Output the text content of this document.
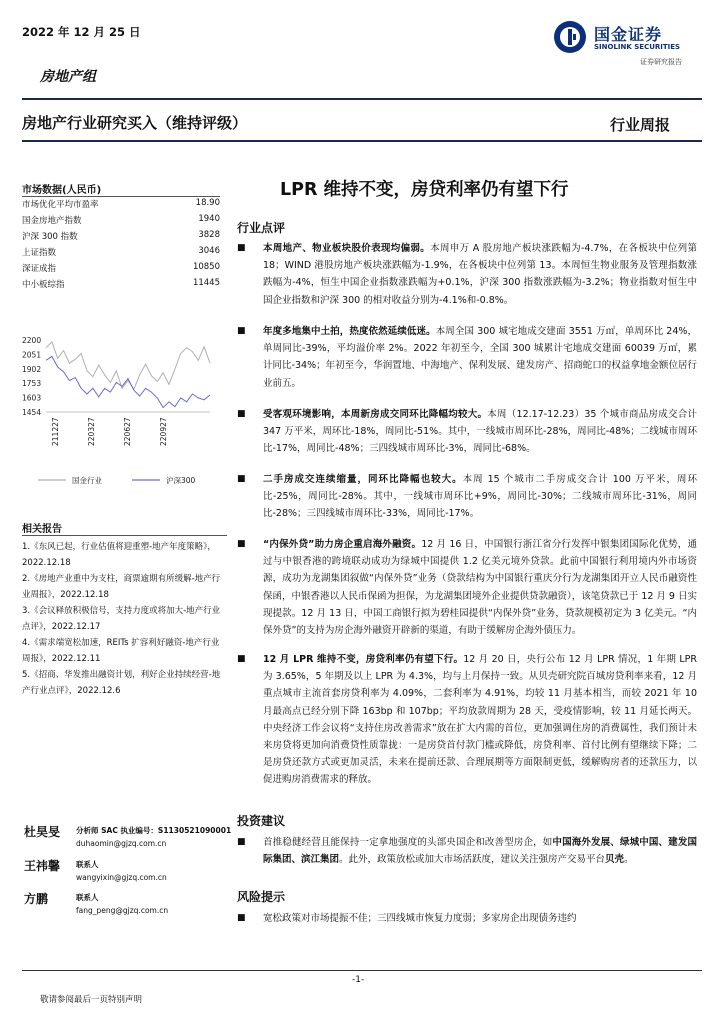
2022 年 12 月 25 日	国金证券
SINOLINK SECURITIES
证券研究报告
房地产组
房地产行业研究买入（维持评级）	行业周报
市场数据(人民币)
市场优化平均市盈率	18.90
国金房地产指数	1940
沪深 300 指数	3828
上证指数	3046
深证成指	10850
中小板综指	11445
2200
2051
1902
1753
1603
1454
211227	220327	220627	220927
国金行业	沪深300
相关报告
1.《东风已起，行业估值将迎重塑-地产年度策略》，2022.12.18
2.《房地产业重中为支柱，商票逾期有所缓解-地产行业周报》，2022.12.18
3.《会议释放积极信号，支持力度或将加大-地产行业点评》，2022.12.17
4.《需求端宽松加速，REITs 扩容利好融资-地产行业周报》，2022.12.11
5.《招商、华发推出融资计划，利好企业持续经营-地产行业点评》，2022.12.6
杜昊旻 分析师 SAC 执业编号：S1130521090001
duhaomin@gjzq.com.cn
王祎馨 联系人
wangyixin@gjzq.com.cn
方鹏	联系人
fang_peng@gjzq.com.cn
LPR 维持不变，房贷利率仍有望下行
行业点评
■ 本周地产、物业板块股价表现均偏弱。本周申万 A 股房地产板块涨跌幅为-4.7%，在各板块中位列第 18；WIND 港股房地产板块涨跌幅为-1.9%，在各板块中位列第 13。本周恒生物业服务及管理指数涨跌幅为-4%，恒生中国企业指数涨跌幅为+0.1%，沪深 300 指数涨跌幅为-3.2%；物业指数对恒生中国企业指数和沪深 300 的相对收益分别为-4.1%和-0.8%。
■ 年度多地集中土拍，热度依然延续低迷。本周全国 300 城宅地成交建面 3551 万㎡，单周环比 24%，单周同比-39%，平均溢价率 2%。2022 年初至今，全国 300 城累计宅地成交建面 60039 万㎡，累计同比-34%；年初至今，华润置地、中海地产、保利发展、建发房产、招商蛇口的权益拿地金额位居行业前五。
■ 受客观环境影响，本周新房成交同环比降幅均较大。本周（12.17-12.23）35 个城市商品房成交合计 347 万平米，周环比-18%，周同比-51%。其中，一线城市周环比-28%，周同比-48%；二线城市周环比-17%，周同比-48%；三四线城市周环比-3%，周同比-68%。
■ 二手房成交连续缩量，同环比降幅也较大。本周 15 个城市二手房成交合计 100 万平米，周环比-25%，周同比-28%。其中，一线城市周环比+9%，周同比-30%；二线城市周环比-31%，周同比-28%；三四线城市周环比-33%，周同比-17%。
■ “内保外贷”助力房企重启海外融资。12 月 16 日，中国银行浙江省分行发挥中银集团国际化优势，通过与中银香港的跨境联动成功为绿城中国提供 1.2 亿美元境外贷款。此前中国银行利用境内外市场资源，成功为龙湖集团叙做“内保外贷”业务（贷款结构为中国银行重庆分行为龙湖集团开立人民币融资性保函，中银香港以人民币保函为担保，为龙湖集团境外企业提供贷款融资），该笔贷款已于 12 月 9 日实现提款。12 月 13 日，中国工商银行拟为碧桂园提供“内保外贷”业务，贷款规模初定为 3 亿美元。“内保外贷”的支持为房企海外融资开辟新的渠道，有助于缓解房企海外债压力。
■ 12 月 LPR 维持不变，房贷利率仍有望下行。12 月 20 日，央行公布 12 月 LPR 情况，1 年期 LPR 为 3.65%，5 年期及以上 LPR 为 4.3%，均与上月保持一致。从贝壳研究院百城房贷利率来看，12 月重点城市主流首套房贷利率为 4.09%，二套利率为 4.91%，均较 11 月基本相当，而较 2021 年 10 月最高点已经分别下降 163bp 和 107bp；平均放款周期为 28 天，受疫情影响，较 11 月延长两天。中央经济工作会议将“支持住房改善需求”放在扩大内需的首位，更加强调住房的消费属性，我们预计未来房贷将更加向消费贷性质靠拢：一是房贷首付款门槛或降低，房贷利率、首付比例有望继续下降；二是房贷还款方式或更加灵活，未来在提前还款、合理展期等方面限制更低，缓解购房者的还款压力，以促进购房消费需求的释放。
投资建议
■ 首推稳健经营且能保持一定拿地强度的头部央国企和改善型房企，如中国海外发展、绿城中国、建发国际集团、滨江集团。此外，政策放松或加大市场活跃度，建议关注强房产交易平台贝壳。
风险提示
■ 宽松政策对市场提振不佳；三四线城市恢复力度弱；多家房企出现债务违约
-1-
敬请参阅最后一页特别声明
